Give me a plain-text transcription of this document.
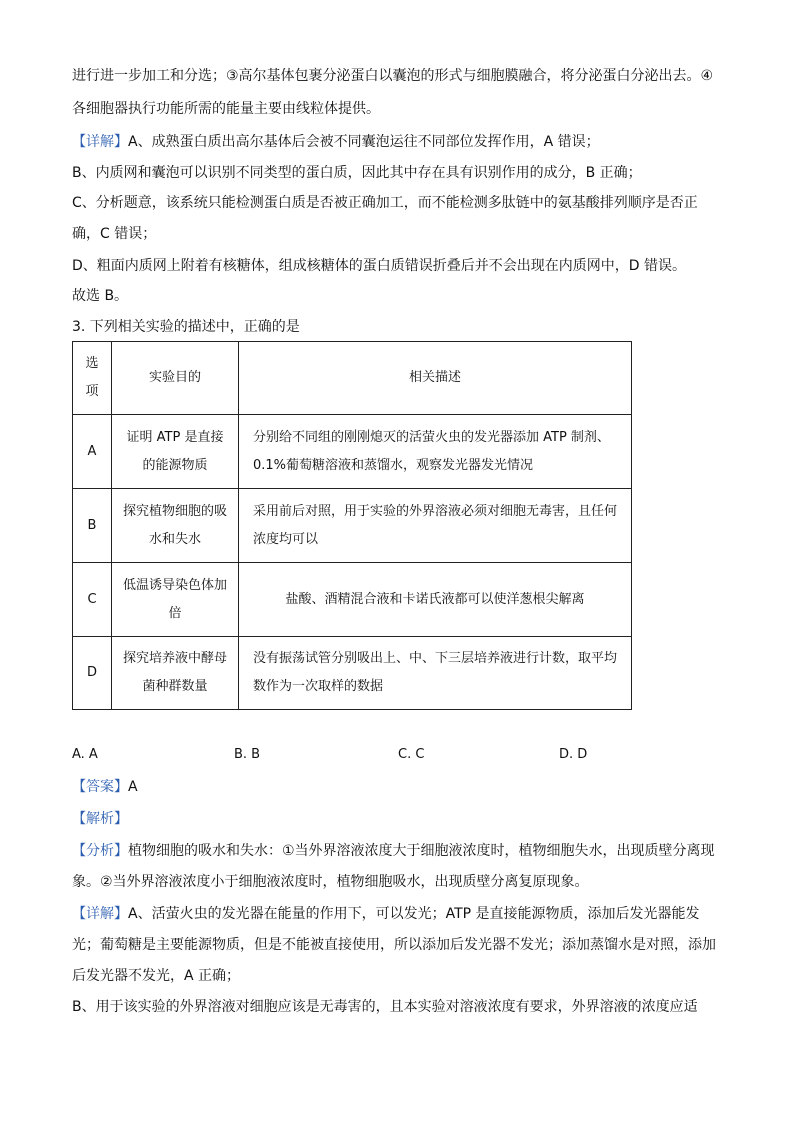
进行进一步加工和分选；③高尔基体包裹分泌蛋白以囊泡的形式与细胞膜融合，将分泌蛋白分泌出去。④
各细胞器执行功能所需的能量主要由线粒体提供。
【详解】A、成熟蛋白质出高尔基体后会被不同囊泡运往不同部位发挥作用，A 错误；
B、内质网和囊泡可以识别不同类型的蛋白质，因此其中存在具有识别作用的成分，B 正确；
C、分析题意，该系统只能检测蛋白质是否被正确加工，而不能检测多肽链中的氨基酸排列顺序是否正
确，C 错误；
D、粗面内质网上附着有核糖体，组成核糖体的蛋白质错误折叠后并不会出现在内质网中，D 错误。
故选 B。
3. 下列相关实验的描述中，正确的是
选项	实验目的	相关描述
A	证明 ATP 是直接的能源物质	分别给不同组的刚刚熄灭的活萤火虫的发光器添加 ATP 制剂、0.1%葡萄糖溶液和蒸馏水，观察发光器发光情况
B	探究植物细胞的吸水和失水	采用前后对照，用于实验的外界溶液必须对细胞无毒害，且任何浓度均可以
C	低温诱导染色体加倍	盐酸、酒精混合液和卡诺氏液都可以使洋葱根尖解离
D	探究培养液中酵母菌种群数量	没有振荡试管分别吸出上、中、下三层培养液进行计数，取平均数作为一次取样的数据
A. A	B. B	C. C	D. D
【答案】A
【解析】
【分析】植物细胞的吸水和失水：①当外界溶液浓度大于细胞液浓度时，植物细胞失水，出现质壁分离现
象。②当外界溶液浓度小于细胞液浓度时，植物细胞吸水，出现质壁分离复原现象。
【详解】A、活萤火虫的发光器在能量的作用下，可以发光；ATP 是直接能源物质，添加后发光器能发
光；葡萄糖是主要能源物质，但是不能被直接使用，所以添加后发光器不发光；添加蒸馏水是对照，添加
后发光器不发光，A 正确；
B、用于该实验的外界溶液对细胞应该是无毒害的，且本实验对溶液浓度有要求，外界溶液的浓度应适
